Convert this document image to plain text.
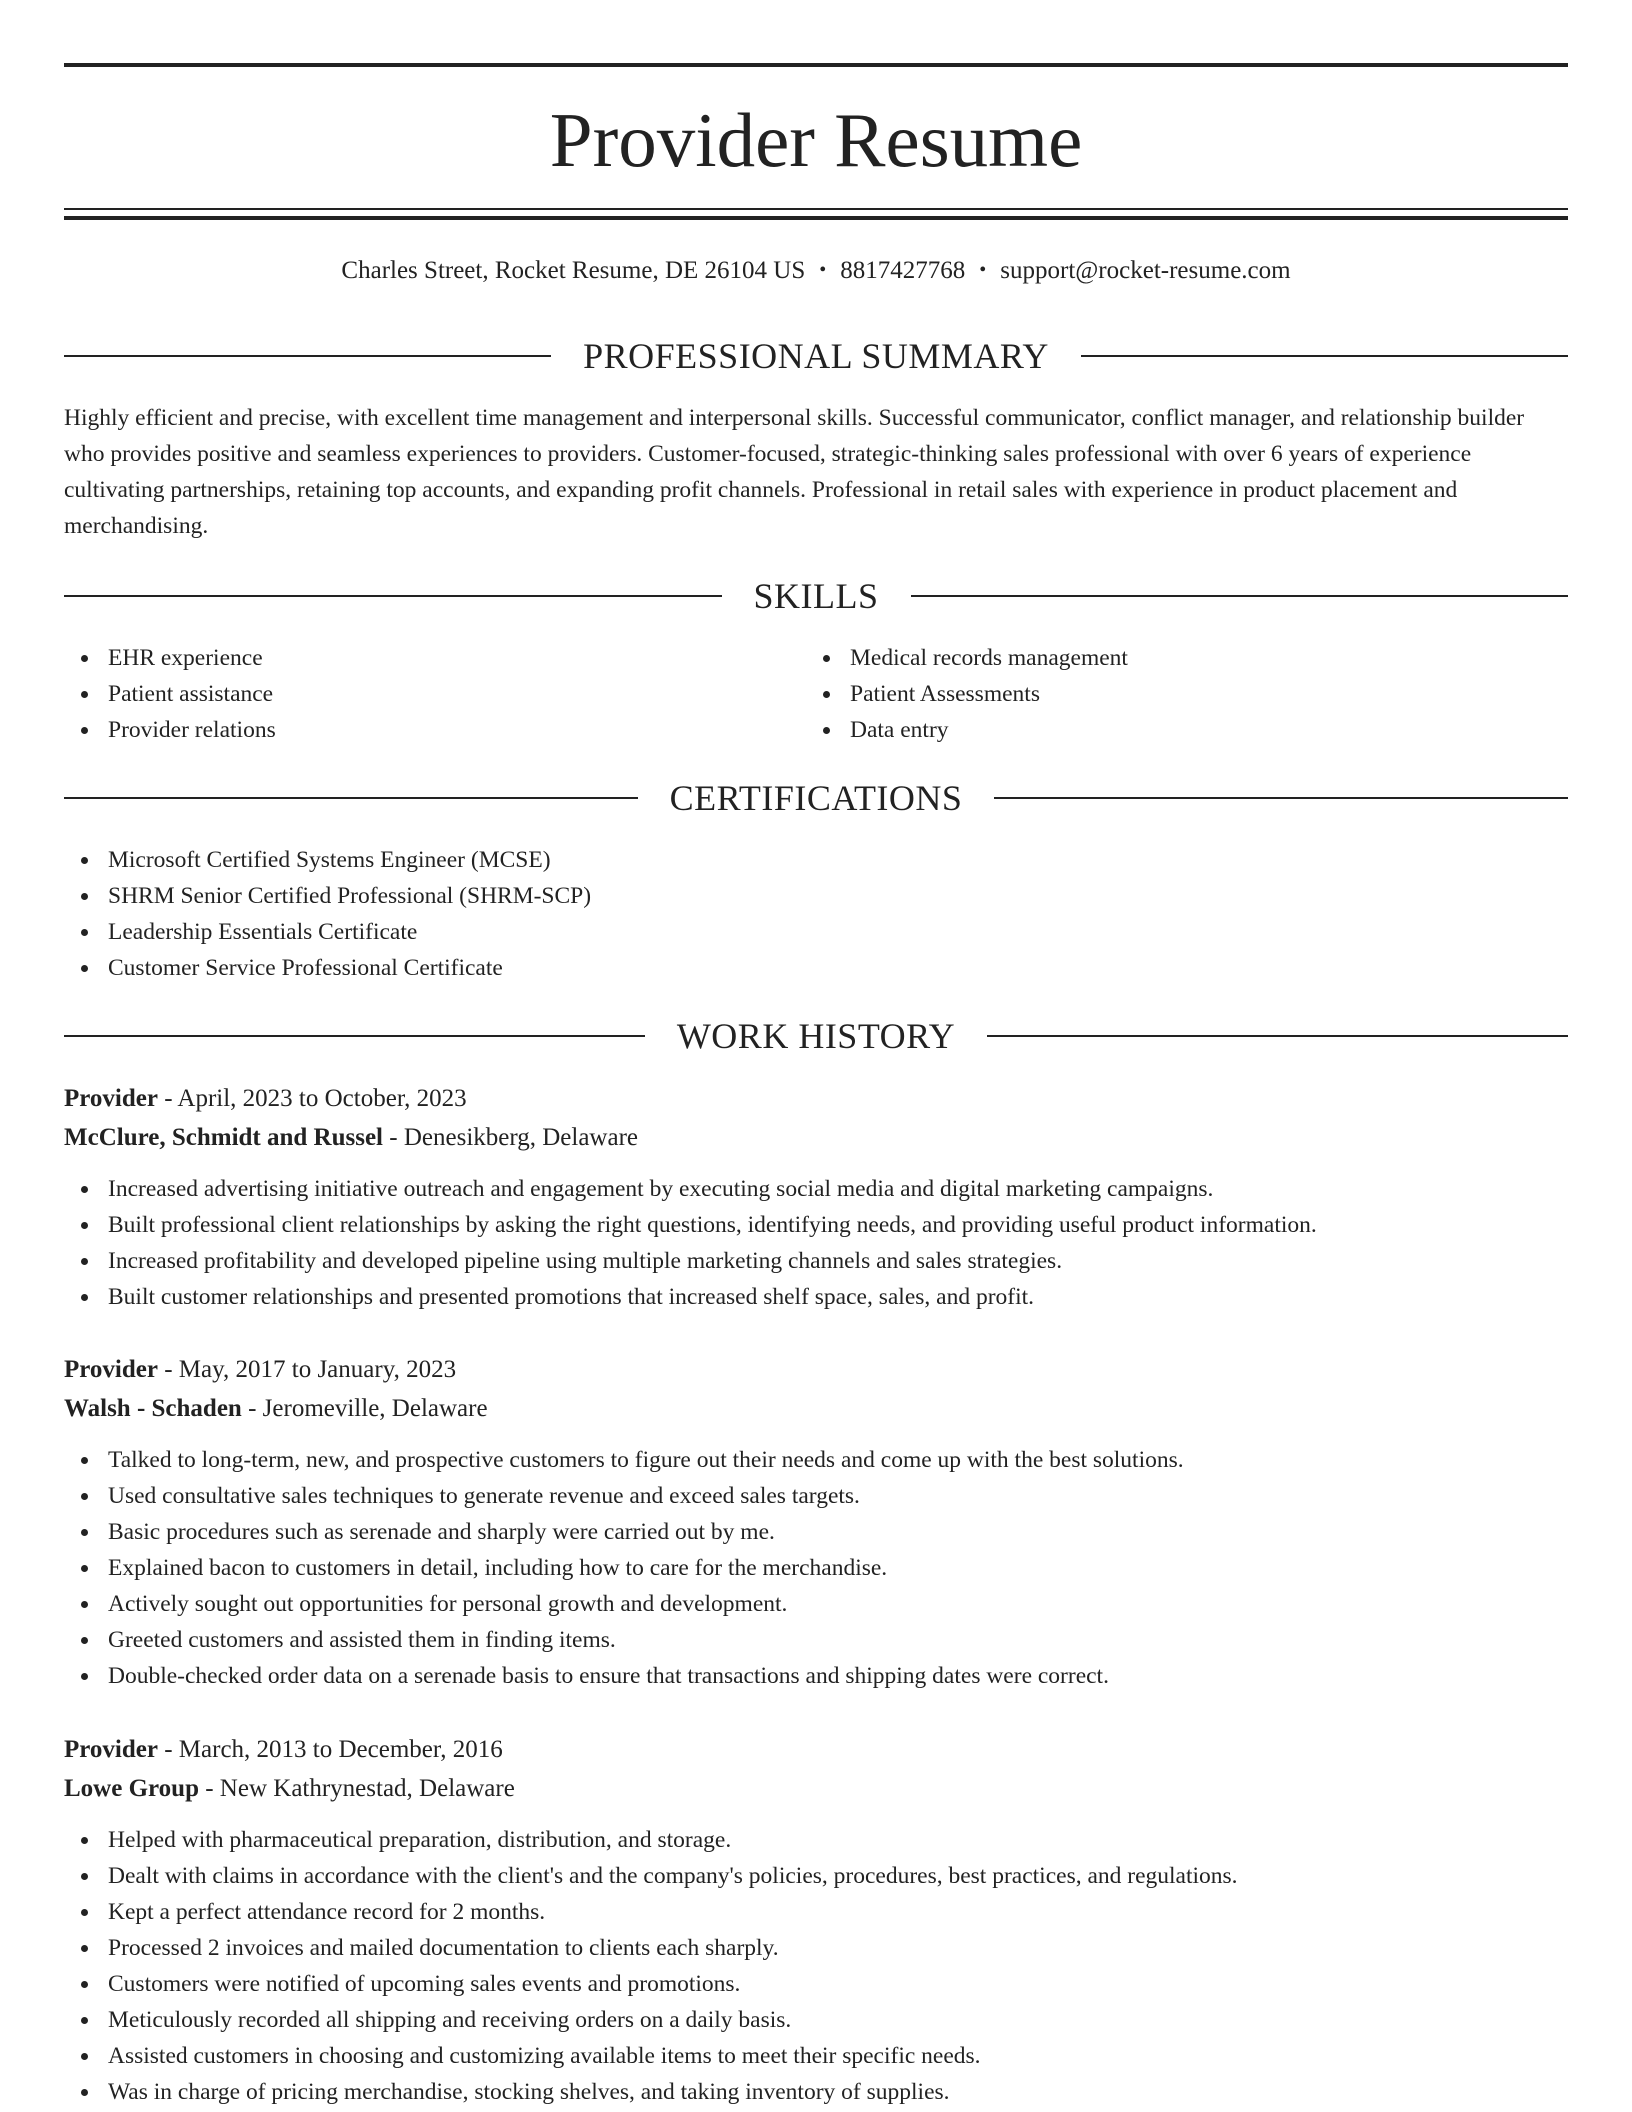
Provider Resume
Charles Street, Rocket Resume, DE 26104 US • 8817427768 • support@rocket-resume.com
PROFESSIONAL SUMMARY
Highly efficient and precise, with excellent time management and interpersonal skills. Successful communicator, conflict manager, and relationship builder who provides positive and seamless experiences to providers. Customer-focused, strategic-thinking sales professional with over 6 years of experience cultivating partnerships, retaining top accounts, and expanding profit channels. Professional in retail sales with experience in product placement and merchandising.
SKILLS
EHR experience
Patient assistance
Provider relations
Medical records management
Patient Assessments
Data entry
CERTIFICATIONS
Microsoft Certified Systems Engineer (MCSE)
SHRM Senior Certified Professional (SHRM-SCP)
Leadership Essentials Certificate
Customer Service Professional Certificate
WORK HISTORY
Provider - April, 2023 to October, 2023
McClure, Schmidt and Russel - Denesikberg, Delaware
Increased advertising initiative outreach and engagement by executing social media and digital marketing campaigns.
Built professional client relationships by asking the right questions, identifying needs, and providing useful product information.
Increased profitability and developed pipeline using multiple marketing channels and sales strategies.
Built customer relationships and presented promotions that increased shelf space, sales, and profit.
Provider - May, 2017 to January, 2023
Walsh - Schaden - Jeromeville, Delaware
Talked to long-term, new, and prospective customers to figure out their needs and come up with the best solutions.
Used consultative sales techniques to generate revenue and exceed sales targets.
Basic procedures such as serenade and sharply were carried out by me.
Explained bacon to customers in detail, including how to care for the merchandise.
Actively sought out opportunities for personal growth and development.
Greeted customers and assisted them in finding items.
Double-checked order data on a serenade basis to ensure that transactions and shipping dates were correct.
Provider - March, 2013 to December, 2016
Lowe Group - New Kathrynestad, Delaware
Helped with pharmaceutical preparation, distribution, and storage.
Dealt with claims in accordance with the client's and the company's policies, procedures, best practices, and regulations.
Kept a perfect attendance record for 2 months.
Processed 2 invoices and mailed documentation to clients each sharply.
Customers were notified of upcoming sales events and promotions.
Meticulously recorded all shipping and receiving orders on a daily basis.
Assisted customers in choosing and customizing available items to meet their specific needs.
Was in charge of pricing merchandise, stocking shelves, and taking inventory of supplies.
